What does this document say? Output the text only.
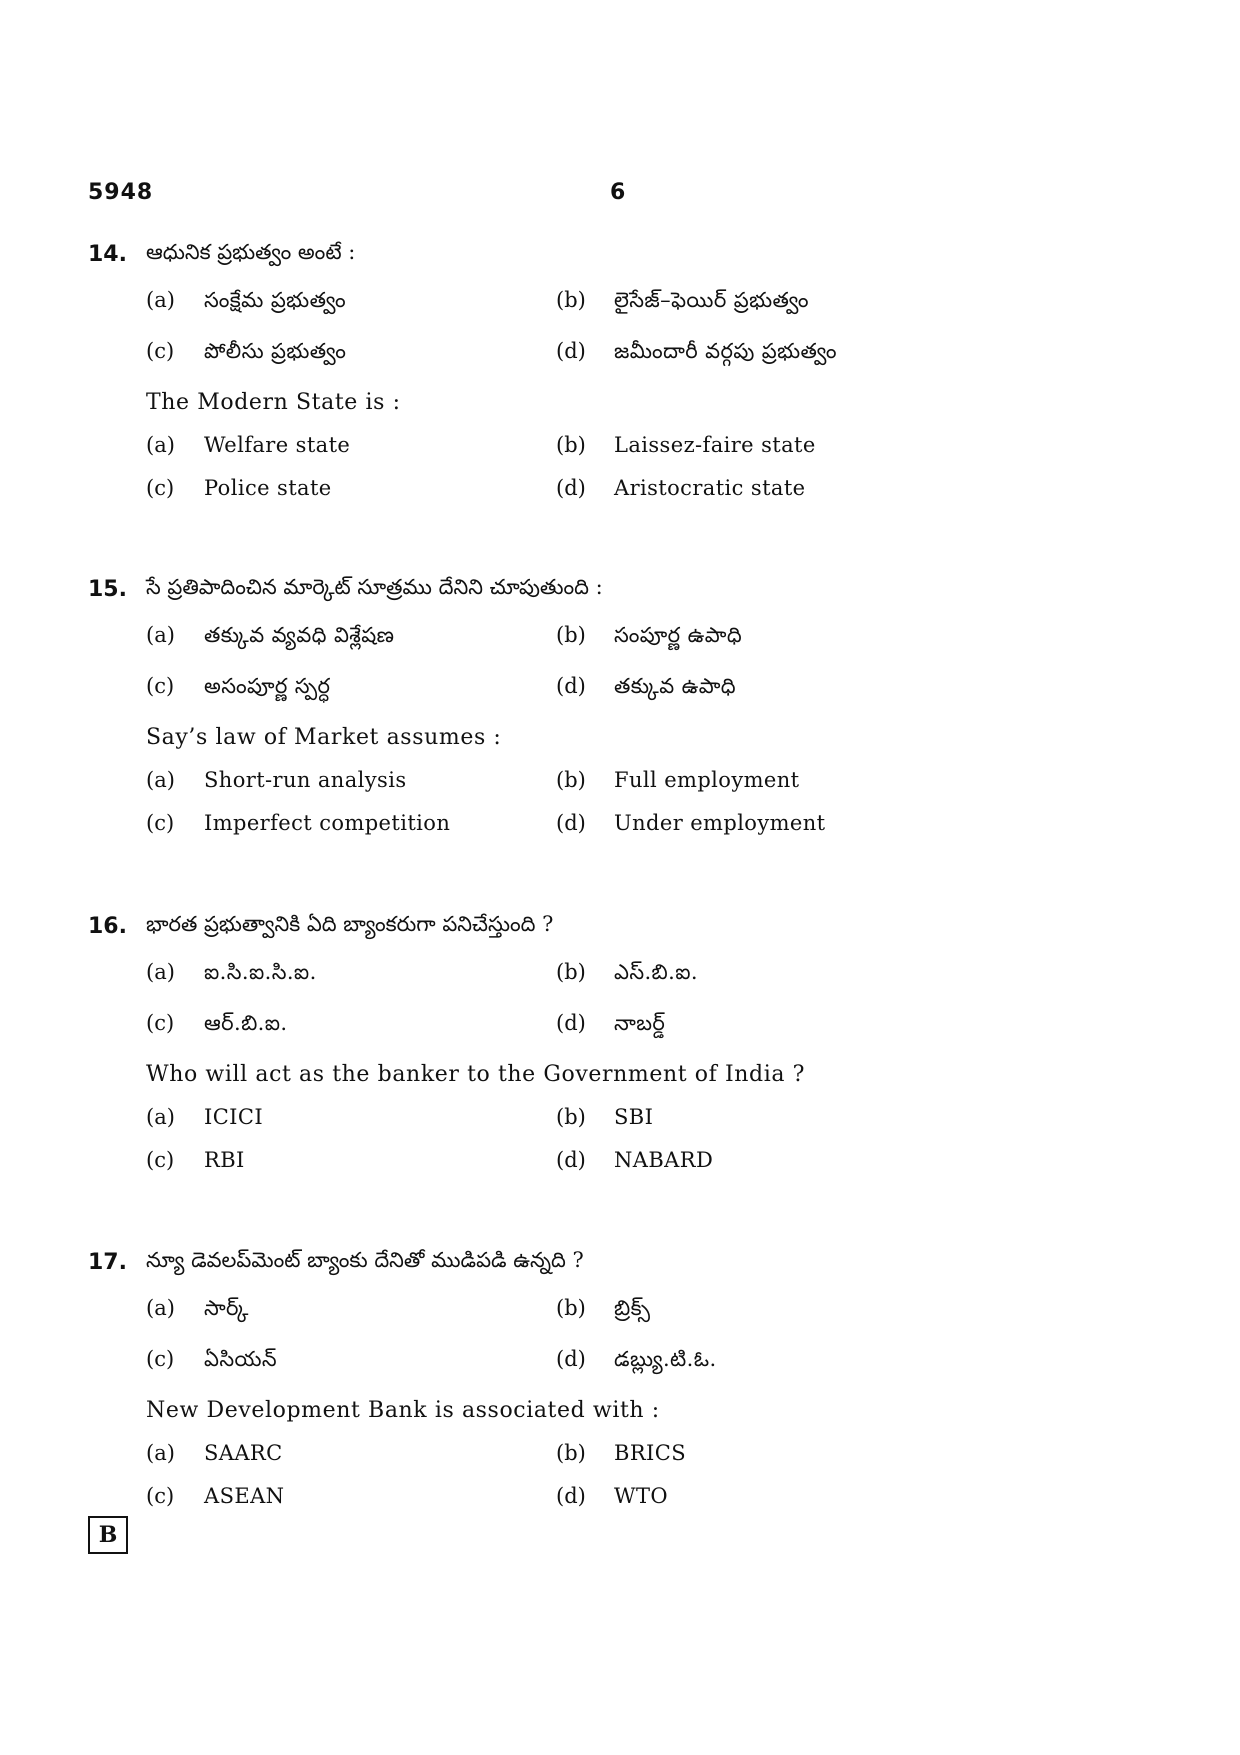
5948	6
14. ఆధునిక ప్రభుత్వం అంటే :
(a)	సంక్షేమ ప్రభుత్వం	(b)	లైసేజ్–ఫెయిర్ ప్రభుత్వం
(c)	పోలీసు ప్రభుత్వం	(d)	జమీందారీ వర్గపు ప్రభుత్వం
The Modern State is :
(a)	Welfare state	(b)	Laissez-faire state
(c)	Police state	(d)	Aristocratic state
15. సే ప్రతిపాదించిన మార్కెట్ సూత్రము దేనిని చూపుతుంది :
(a)	తక్కువ వ్యవధి విశ్లేషణ	(b)	సంపూర్ణ ఉపాధి
(c)	అసంపూర్ణ స్పర్ధ	(d)	తక్కువ ఉపాధి
Say’s law of Market assumes :
(a)	Short-run analysis	(b)	Full employment
(c)	Imperfect competition	(d)	Under employment
16. భారత ప్రభుత్వానికి ఏది బ్యాంకరుగా పనిచేస్తుంది ?
(a)	ఐ.సి.ఐ.సి.ఐ.	(b)	ఎస్.బి.ఐ.
(c)	ఆర్.బి.ఐ.	(d)	నాబర్డ్
Who will act as the banker to the Government of India ?
(a)	ICICI	(b)	SBI
(c)	RBI	(d)	NABARD
17. న్యూ డెవలప్‌మెంట్ బ్యాంకు దేనితో ముడిపడి ఉన్నది ?
(a)	సార్క్	(b)	బ్రిక్స్
(c)	ఏసియన్	(d)	డబ్ల్యు.టి.ఓ.
New Development Bank is associated with :
(a)	SAARC	(b)	BRICS
(c)	ASEAN	(d)	WTO
B
